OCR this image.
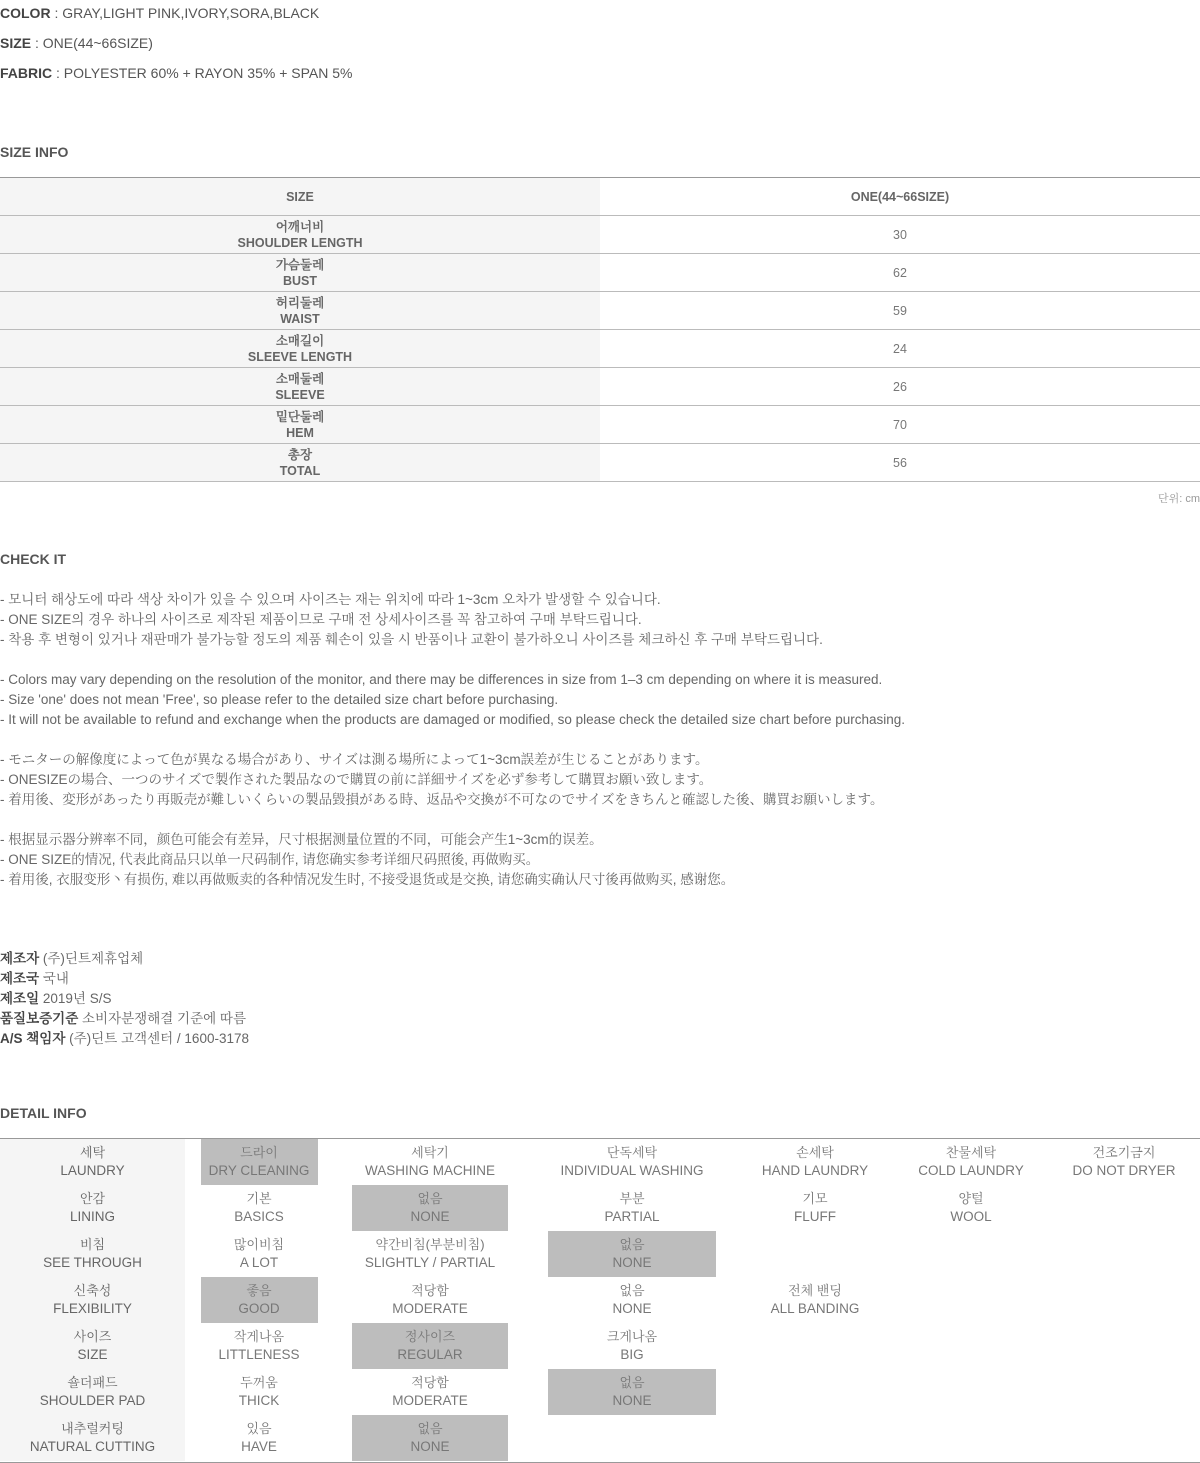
COLOR : GRAY,LIGHT PINK,IVORY,SORA,BLACK
SIZE : ONE(44~66SIZE)
FABRIC : POLYESTER 60% + RAYON 35% + SPAN 5%
SIZE INFO
SIZE	ONE(44~66SIZE)
어깨너비
SHOULDER LENGTH
30
가슴둘레
BUST
62
허리둘레
WAIST
59
소매길이
SLEEVE LENGTH
24
소매둘레
SLEEVE
26
밑단둘레
HEM
70
총장
TOTAL
56
단위: cm
CHECK IT
- 모니터 해상도에 따라 색상 차이가 있을 수 있으며 사이즈는 재는 위치에 따라 1~3cm 오차가 발생할 수 있습니다.
- ONE SIZE의 경우 하나의 사이즈로 제작된 제품이므로 구매 전 상세사이즈를 꼭 참고하여 구매 부탁드립니다.
- 착용 후 변형이 있거나 재판매가 불가능할 정도의 제품 훼손이 있을 시 반품이나 교환이 불가하오니 사이즈를 체크하신 후 구매 부탁드립니다.
- Colors may vary depending on the resolution of the monitor, and there may be differences in size from 1–3 cm depending on where it is measured.
- Size 'one' does not mean 'Free', so please refer to the detailed size chart before purchasing.
- It will not be available to refund and exchange when the products are damaged or modified, so please check the detailed size chart before purchasing.
- モニターの解像度によって色が異なる場合があり、サイズは測る場所によって1~3cm誤差が生じることがあります。
- ONESIZEの場合、一つのサイズで製作された製品なので購買の前に詳細サイズを必ず参考して購買お願い致します。
- 着用後、変形があったり再販売が難しいくらいの製品毀損がある時、返品や交換が不可なのでサイズをきちんと確認した後、購買お願いします。
- 根据显示器分辨率不同，颜色可能会有差异，尺寸根据测量位置的不同，可能会产生1~3cm的误差。
- ONE SIZE的情况, 代表此商品只以单一尺码制作, 请您确实参考详细尺码照後, 再做购买。
- 着用後, 衣服变形丶有损伤, 难以再做贩卖的各种情况发生时, 不接受退货或是交换, 请您确实确认尺寸後再做购买, 感谢您。
제조자 (주)딘트제휴업체
제조국 국내
제조일 2019년 S/S
품질보증기준 소비자분쟁해결 기준에 따름
A/S 책임자 (주)딘트 고객센터 / 1600-3178
DETAIL INFO
세탁
LAUNDRY
드라이
DRY CLEANING
세탁기
WASHING MACHINE
단독세탁
INDIVIDUAL WASHING
손세탁
HAND LAUNDRY
찬물세탁
COLD LAUNDRY
건조기금지
DO NOT DRYER
안감
LINING
기본
BASICS
없음
NONE
부분
PARTIAL
기모
FLUFF
양털
WOOL
비침
SEE THROUGH
많이비침
A LOT
약간비침(부분비침)
SLIGHTLY / PARTIAL
없음
NONE
신축성
FLEXIBILITY
좋음
GOOD
적당함
MODERATE
없음
NONE
전체 밴딩
ALL BANDING
사이즈
SIZE
작게나옴
LITTLENESS
정사이즈
REGULAR
크게나옴
BIG
숄더패드
SHOULDER PAD
두꺼움
THICK
적당함
MODERATE
없음
NONE
내추럴커팅
NATURAL CUTTING
있음
HAVE
없음
NONE
